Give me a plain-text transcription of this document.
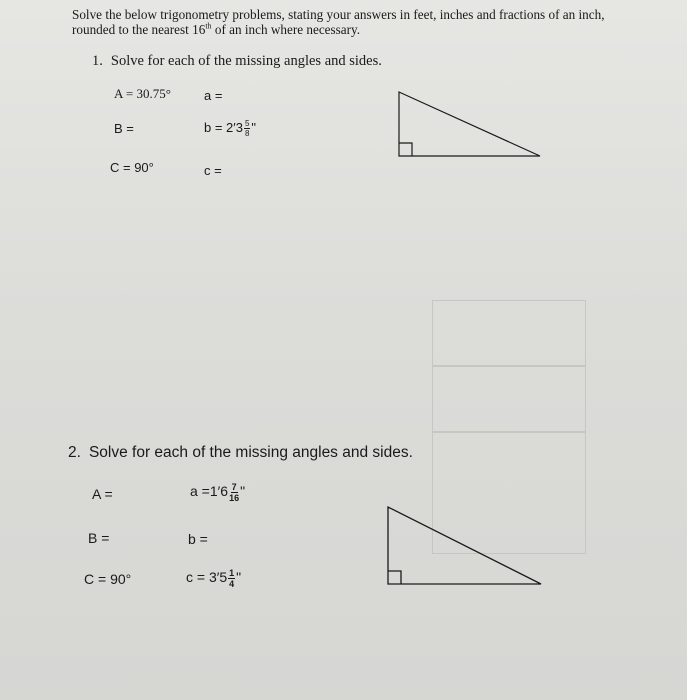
Solve the below trigonometry problems, stating your answers in feet, inches and fractions of an inch,
rounded to the nearest 16th of an inch where necessary.
1. Solve for each of the missing angles and sides.
A = 30.75°	a =
B =	$b = 2'3 \frac{5}{8}$ "
C = 90°	c =
2. Solve for each of the missing angles and sides.
A =	$a =1'6 \frac{7}{16}$ "
B =	b =
C = 90°	$c = 3'5 \frac{1}{4}$ "
